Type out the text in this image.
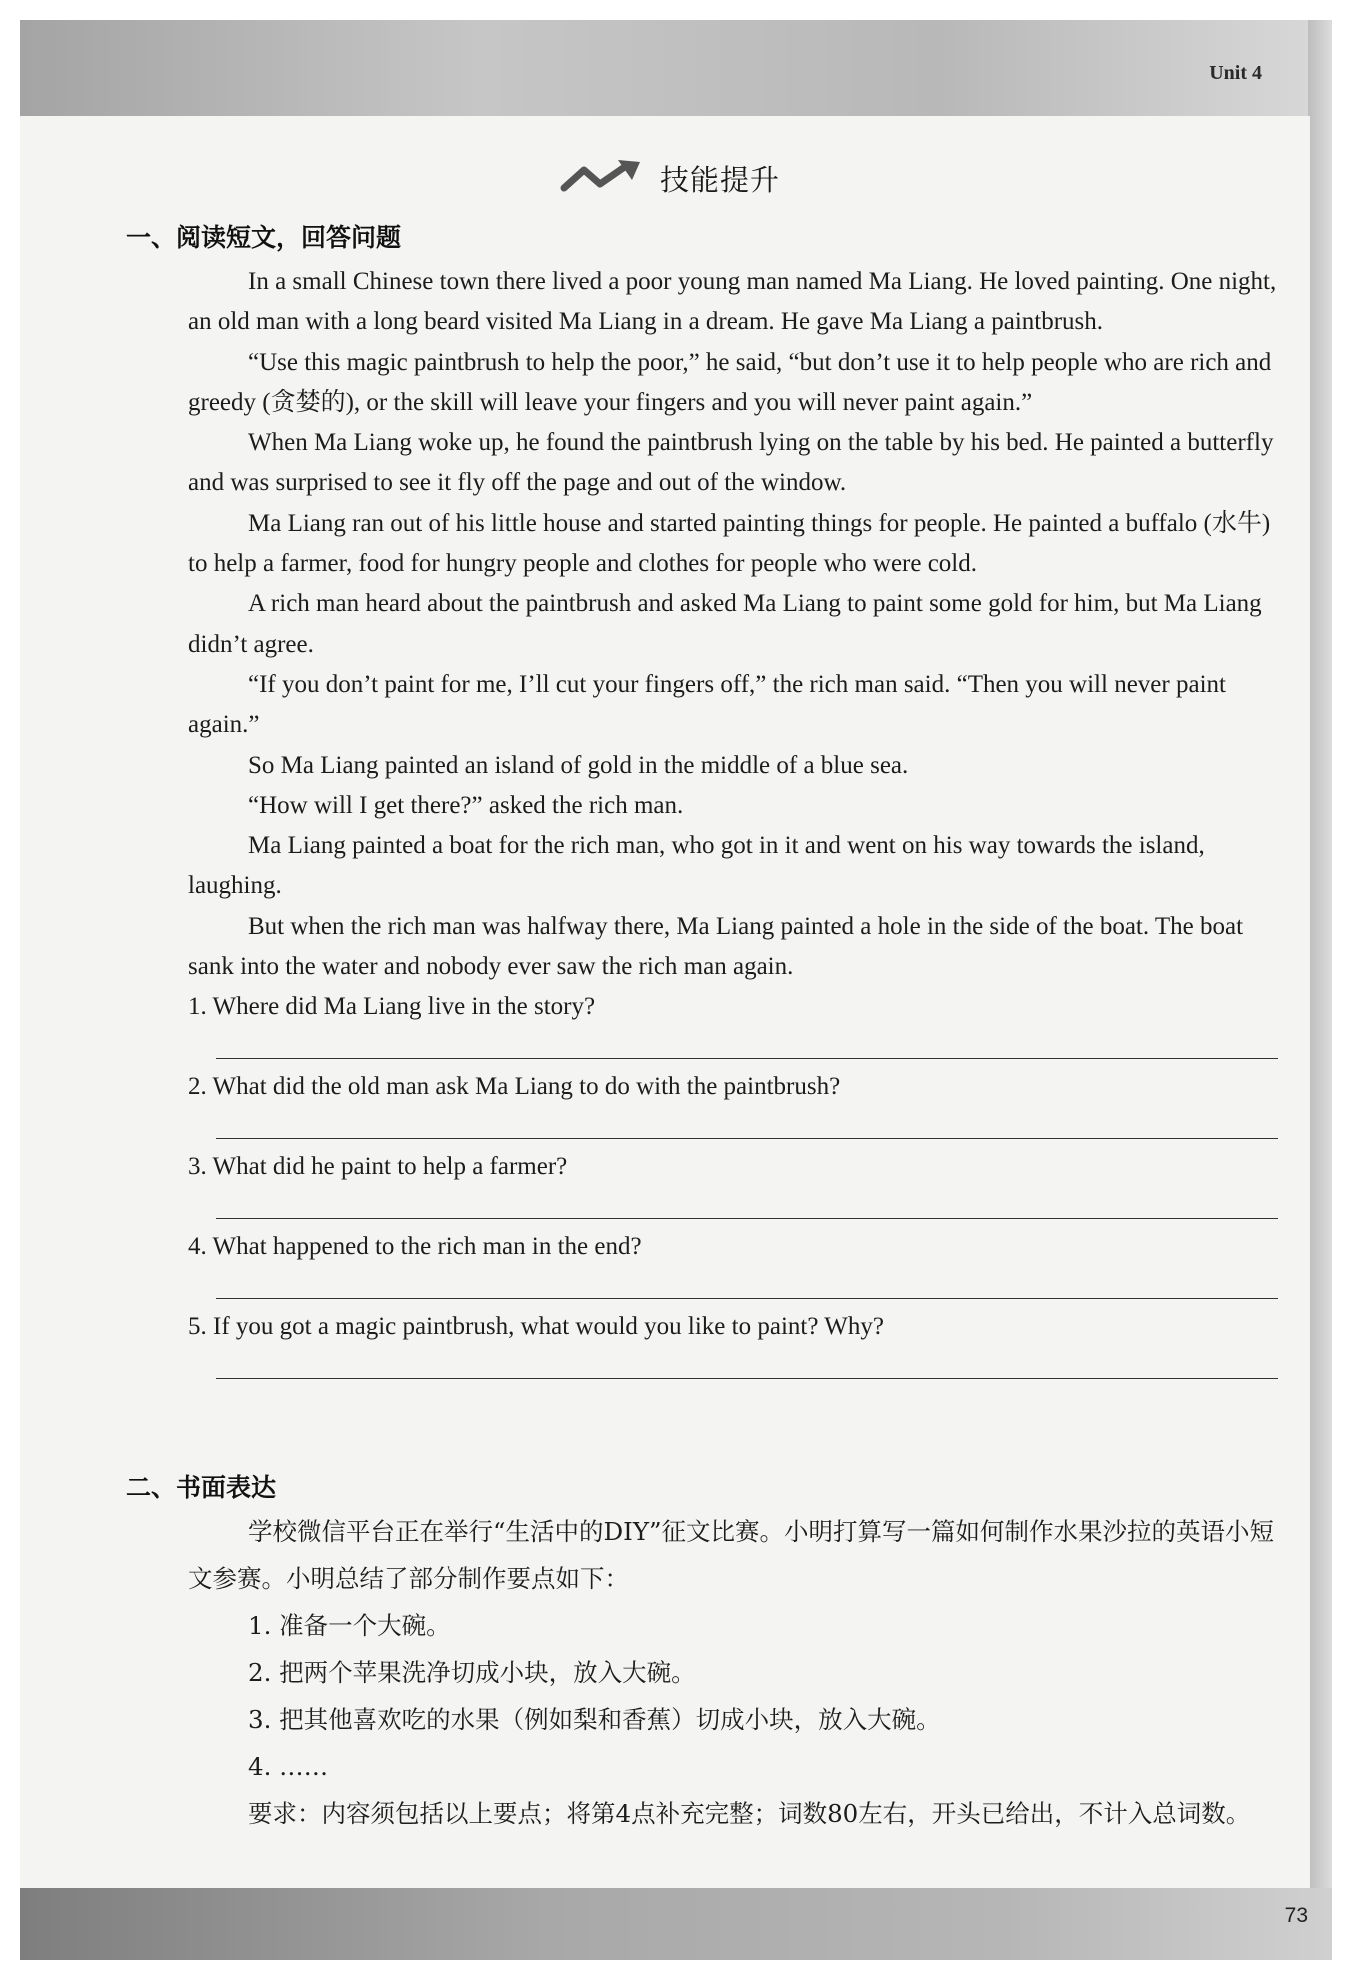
Unit 4
73
技能提升
一、阅读短文，回答问题

In a small Chinese town there lived a poor young man named Ma Liang. He loved painting. One night, an old man with a long beard visited Ma Liang in a dream. He gave Ma Liang a paintbrush.

“Use this magic paintbrush to help the poor,” he said, “but don’t use it to help people who are rich and greedy (贪婪的), or the skill will leave your fingers and you will never paint again.”

When Ma Liang woke up, he found the paintbrush lying on the table by his bed. He painted a butterfly and was surprised to see it fly off the page and out of the window.

Ma Liang ran out of his little house and started painting things for people. He painted a buffalo (水牛) to help a farmer, food for hungry people and clothes for people who were cold.

A rich man heard about the paintbrush and asked Ma Liang to paint some gold for him, but Ma Liang didn’t agree.

“If you don’t paint for me, I’ll cut your fingers off,” the rich man said. “Then you will never paint again.”

So Ma Liang painted an island of gold in the middle of a blue sea.

“How will I get there?” asked the rich man.

Ma Liang painted a boat for the rich man, who got in it and went on his way towards the island, laughing.

But when the rich man was halfway there, Ma Liang painted a hole in the side of the boat. The boat sank into the water and nobody ever saw the rich man again.

1. Where did Ma Liang live in the story?
2. What did the old man ask Ma Liang to do with the paintbrush?
3. What did he paint to help a farmer?
4. What happened to the rich man in the end?
5. If you got a magic paintbrush, what would you like to paint? Why?
二、书面表达

学校微信平台正在举行“生活中的DIY”征文比赛。小明打算写一篇如何制作水果沙拉的英语小短文参赛。小明总结了部分制作要点如下：

1. 准备一个大碗。

2. 把两个苹果洗净切成小块，放入大碗。

3. 把其他喜欢吃的水果（例如梨和香蕉）切成小块，放入大碗。

4. ……

要求：内容须包括以上要点；将第4点补充完整；词数80左右，开头已给出，不计入总词数。
